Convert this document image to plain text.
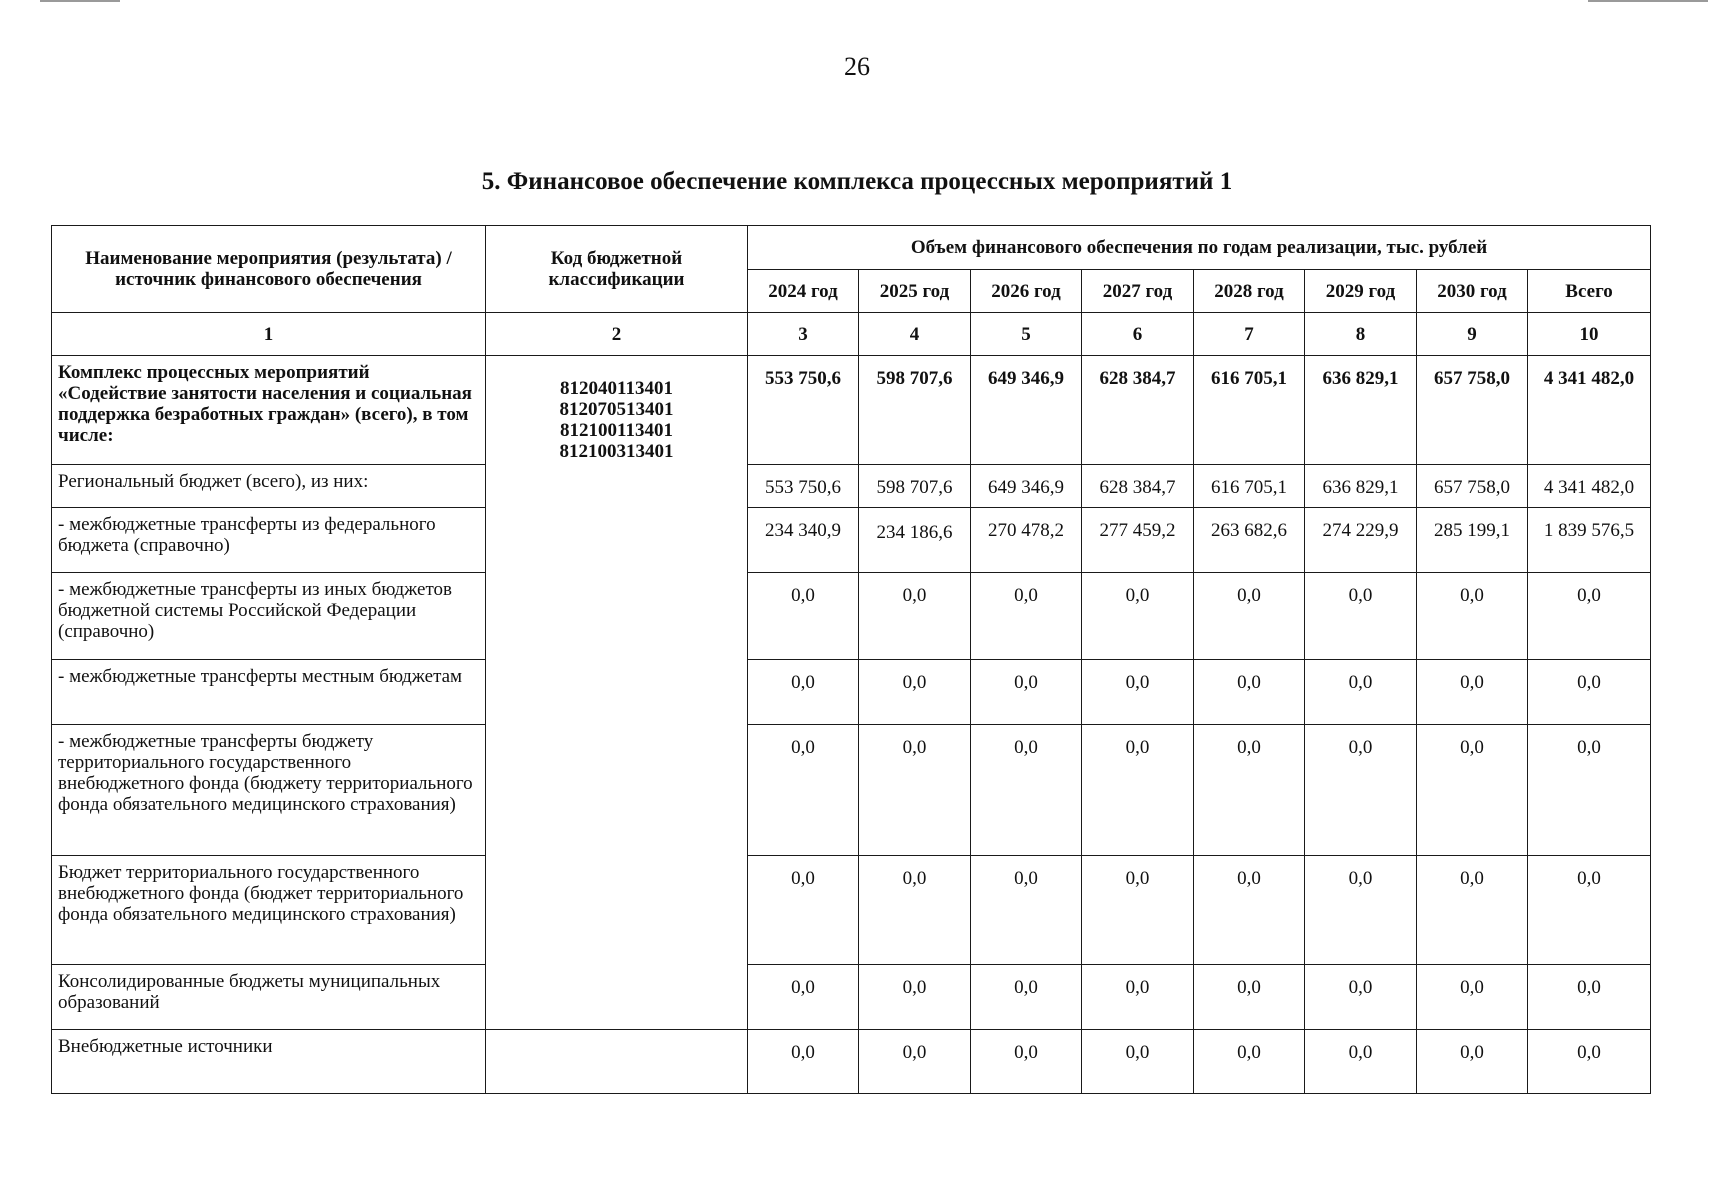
26
5. Финансовое обеспечение комплекса процессных мероприятий 1
Наименование мероприятия (результата) / источник финансового обеспечения	Код бюджетной классификации	Объем финансового обеспечения по годам реализации, тыс. рублей							
		2024 год	2025 год	2026 год	2027 год	2028 год	2029 год	2030 год	Всего
1	2	3	4	5	6	7	8	9	10
Комплекс процессных мероприятий «Содействие занятости населения и социальная поддержка безработных граждан» (всего), в том числе:	812040113401
812070513401
812100113401
812100313401	553 750,6	598 707,6	649 346,9	628 384,7	616 705,1	636 829,1	657 758,0	4 341 482,0
Региональный бюджет (всего), из них:		553 750,6	598 707,6	649 346,9	628 384,7	616 705,1	636 829,1	657 758,0	4 341 482,0
- межбюджетные трансферты из федерального бюджета (справочно)		234 340,9	234 186,6	270 478,2	277 459,2	263 682,6	274 229,9	285 199,1	1 839 576,5
- межбюджетные трансферты из иных бюджетов бюджетной системы Российской Федерации (справочно)		0,0	0,0	0,0	0,0	0,0	0,0	0,0	0,0
- межбюджетные трансферты местным бюджетам		0,0	0,0	0,0	0,0	0,0	0,0	0,0	0,0
- межбюджетные трансферты бюджету территориального государственного внебюджетного фонда (бюджету территориального фонда обязательного медицинского страхования)		0,0	0,0	0,0	0,0	0,0	0,0	0,0	0,0
Бюджет территориального государственного внебюджетного фонда (бюджет территориального фонда обязательного медицинского страхования)		0,0	0,0	0,0	0,0	0,0	0,0	0,0	0,0
Консолидированные бюджеты муниципальных образований		0,0	0,0	0,0	0,0	0,0	0,0	0,0	0,0
Внебюджетные источники		0,0	0,0	0,0	0,0	0,0	0,0	0,0	0,0
